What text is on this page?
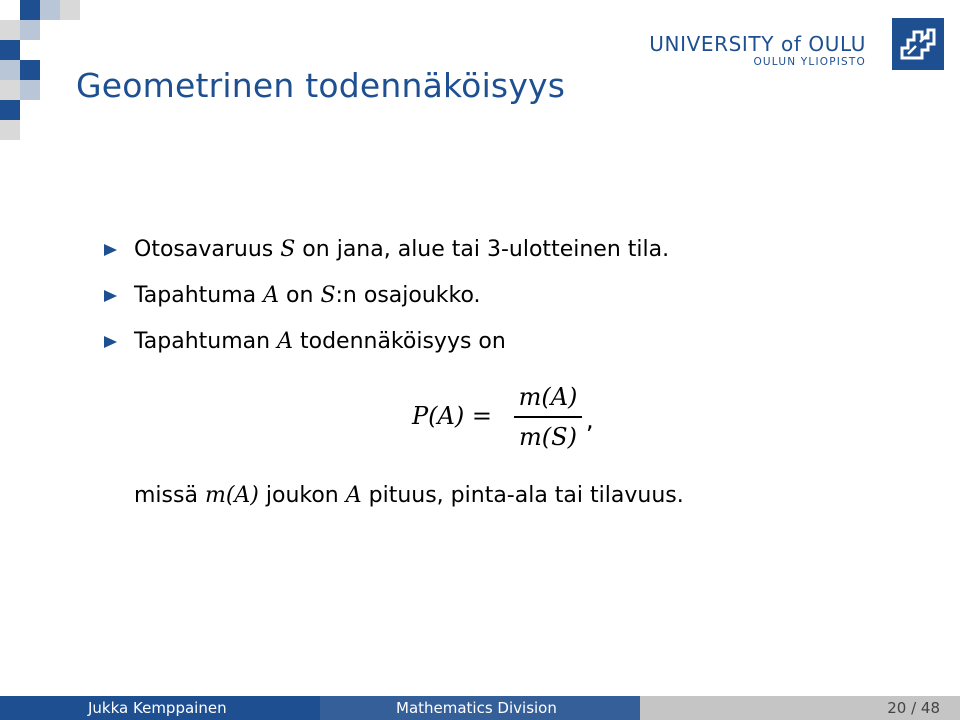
Geometrinen todennäköisyys
UNIVERSITY of OULU
OULUN YLIOPISTO
Otosavaruus S on jana, alue tai 3-ulotteinen tila.
Tapahtuma A on S:n osajoukko.
Tapahtuman A todennäköisyys on
P(A) =
m(A)
m(S)
,
missä m(A) joukon A pituus, pinta-ala tai tilavuus.
Jukka Kemppainen	Mathematics Division	20 / 48
